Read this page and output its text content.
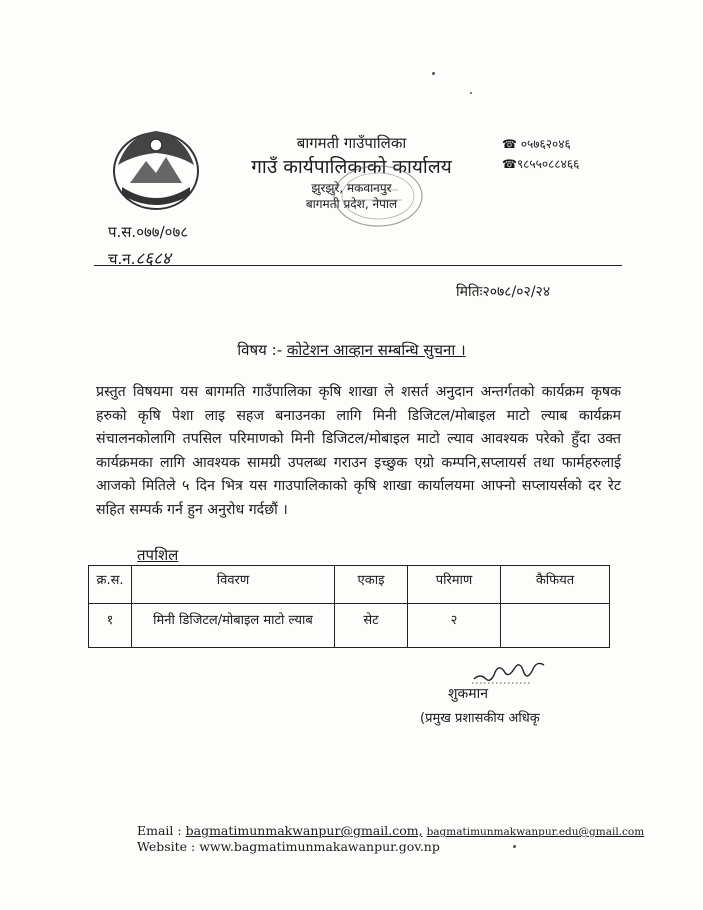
बागमती गाउँपालिका
गाउँ कार्यपालिकाको कार्यालय
झुरझुरे, मकवानपुर
बागमती प्रदेश, नेपाल
☎ ०५७६२०४६
☎९८५५०८८४६६
प.स.०७७/०७८
च.न.८६८४
मितिः२०७८/०२/२४
विषय :- कोटेशन आव्हान सम्बन्धि सुचना ।

प्रस्तुत विषयमा यस बागमति गाउँपालिका कृषि शाखा ले शसर्त अनुदान अन्तर्गतको कार्यक्रम कृषक हरुको कृषि पेशा लाइ सहज बनाउनका लागि मिनी डिजिटल/मोबाइल माटो ल्याब कार्यक्रम संचालनकोलागि तपसिल परिमाणको मिनी डिजिटल/मोबाइल माटो ल्याव आवश्यक परेको हुँदा उक्त कार्यक्रमका लागि आवश्यक सामग्री उपलब्ध गराउन इच्छुक एग्रो कम्पनि,सप्लायर्स तथा फार्महरुलाई आजको मितिले ५ दिन भित्र यस गाउपालिकाको कृषि शाखा कार्यालयमा आफ्नो सप्लायर्सको दर रेट सहित सम्पर्क गर्न हुन अनुरोध गर्दछौं ।

तपशिल
क्र.स.	विवरण	एकाइ	परिमाण	कैफियत
१	मिनी डिजिटल/मोबाइल माटो ल्याब	सेट	२	
शुकमान
(प्रमुख प्रशासकीय अधिकृ
Email : bagmatimunmakwanpur@gmail.com, bagmatimunmakwanpur.edu@gmail.com
Website : www.bagmatimunmakawanpur.gov.np
